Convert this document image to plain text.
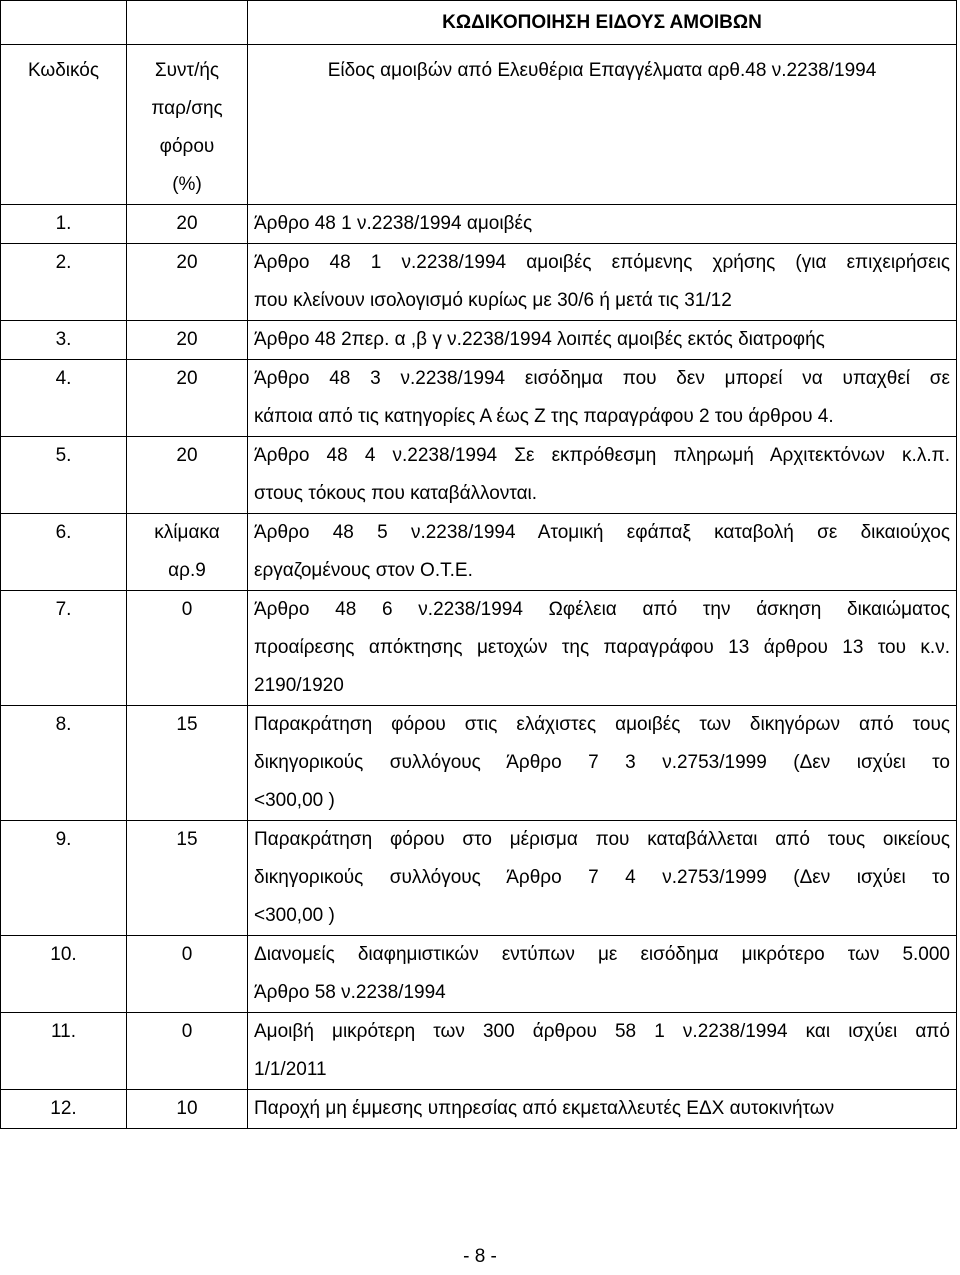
		ΚΩΔΙΚΟΠΟΙΗΣΗ ΕΙΔΟΥΣ ΑΜΟΙΒΩΝ

Κωδικός	Συντ/ής
παρ/σης
φόρου
(%)	Είδος αμοιβών από Ελευθέρια Επαγγέλματα αρθ.48 ν.2238/1994

1.	20	Άρθρο 48 1 ν.2238/1994 αμοιβές

2.	20	Άρθρο 48 1 ν.2238/1994 αμοιβές επόμενης χρήσης (για επιχειρήσεις
που κλείνουν ισολογισμό κυρίως με 30/6 ή μετά τις 31/12

3.	20	Άρθρο 48 2περ. α ,β γ ν.2238/1994 λοιπές αμοιβές εκτός διατροφής

4.	20	Άρθρο 48 3 ν.2238/1994 εισόδημα που δεν μπορεί να υπαχθεί σε
κάποια από τις κατηγορίες Α έως Ζ της παραγράφου 2 του άρθρου 4.

5.	20	Άρθρο 48 4 ν.2238/1994 Σε εκπρόθεσμη πληρωμή Αρχιτεκτόνων κ.λ.π.
στους τόκους που καταβάλλονται.

6.	κλίμακα
αρ.9	Άρθρο 48 5 ν.2238/1994 Ατομική εφάπαξ καταβολή σε δικαιούχος
εργαζομένους στον Ο.Τ.Ε.

7.	0	Άρθρο 48 6 ν.2238/1994 Ωφέλεια από την άσκηση δικαιώματος
προαίρεσης απόκτησης μετοχών της παραγράφου 13 άρθρου 13 του κ.ν.
2190/1920

8.	15	Παρακράτηση φόρου στις ελάχιστες αμοιβές των δικηγόρων από τους
δικηγορικούς συλλόγους Άρθρο 7 3 ν.2753/1999 (Δεν ισχύει το
<300,00 )

9.	15	Παρακράτηση φόρου στο μέρισμα που καταβάλλεται από τους οικείους
δικηγορικούς συλλόγους Άρθρο 7 4 ν.2753/1999 (Δεν ισχύει το
<300,00 )

10.	0	Διανομείς διαφημιστικών εντύπων με εισόδημα μικρότερο των 5.000
Άρθρο 58 ν.2238/1994

11.	0	Αμοιβή μικρότερη των 300 άρθρου 58 1 ν.2238/1994 και ισχύει από
1/1/2011

12.	10	Παροχή μη έμμεσης υπηρεσίας από εκμεταλλευτές ΕΔΧ αυτοκινήτων
- 8 -
